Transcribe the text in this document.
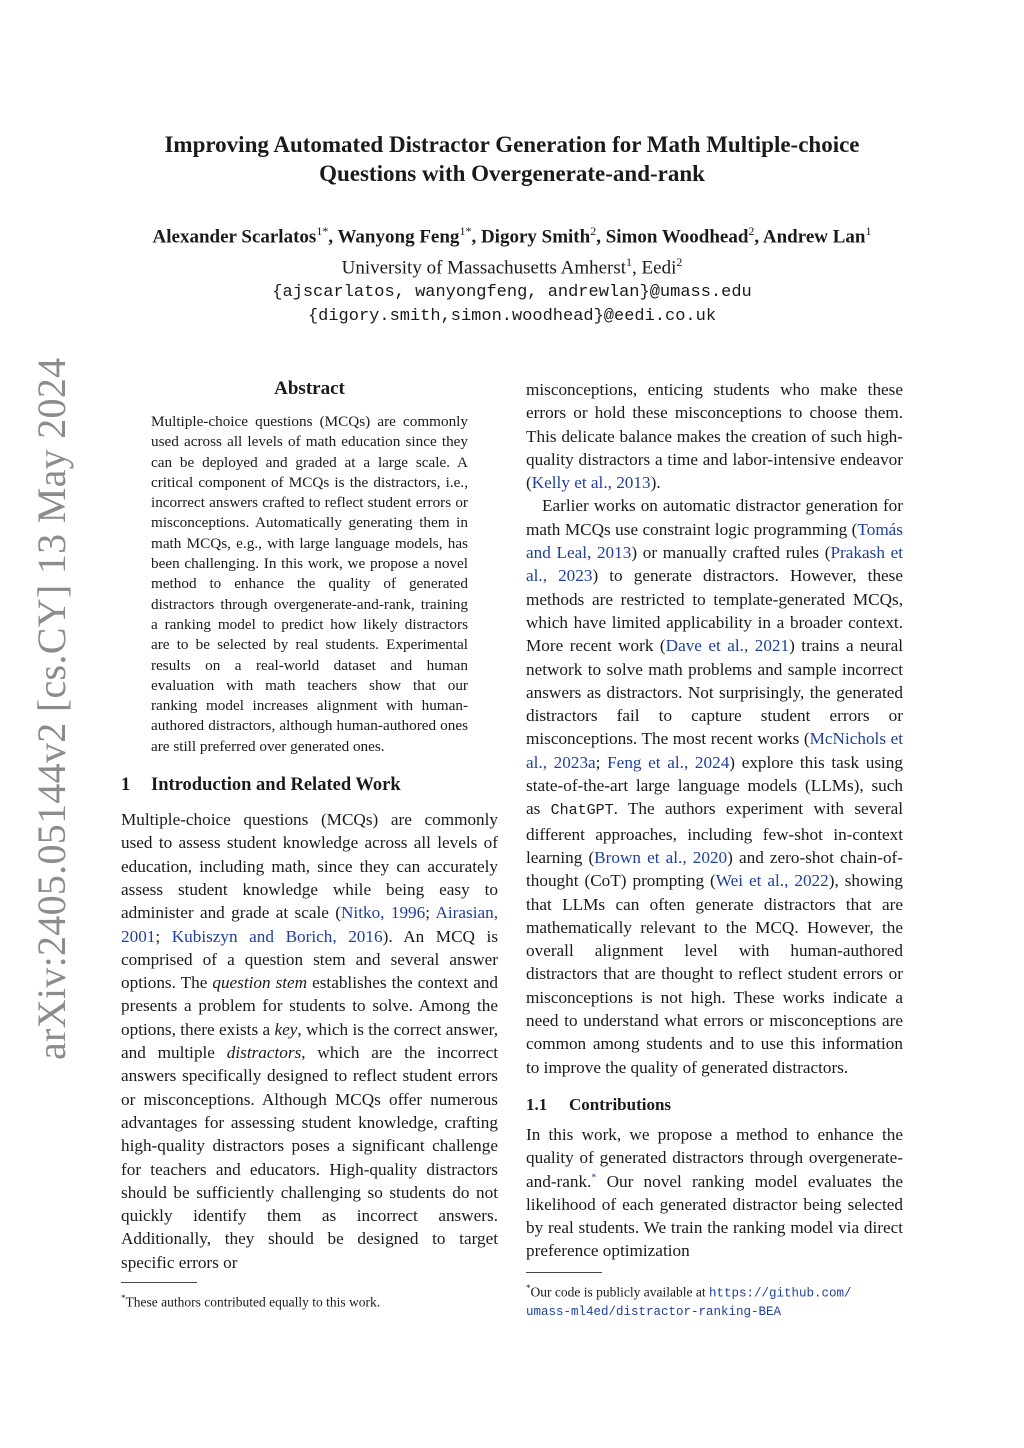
arXiv:2405.05144v2 [cs.CY] 13 May 2024
Improving Automated Distractor Generation for Math Multiple-choice
Questions with Overgenerate-and-rank
Alexander Scarlatos$^{1*}$, Wanyong Feng$^{1*}$, Digory Smith$^2$, Simon Woodhead$^2$, Andrew Lan$^1$
University of Massachusetts Amherst$^1$, Eedi$^2$
{ajscarlatos, wanyongfeng, andrewlan}@umass.edu
{digory.smith,simon.woodhead}@eedi.co.uk
Abstract
Multiple-choice questions (MCQs) are commonly used across all levels of math education since they can be deployed and graded at a large scale. A critical component of MCQs is the distractors, i.e., incorrect answers crafted to reflect student errors or misconceptions. Automatically generating them in math MCQs, e.g., with large language models, has been challenging. In this work, we propose a novel method to enhance the quality of generated distractors through overgenerate-and-rank, training a ranking model to predict how likely distractors are to be selected by real students. Experimental results on a real-world dataset and human evaluation with math teachers show that our ranking model increases alignment with human-authored distractors, although human-authored ones are still preferred over generated ones.
1 Introduction and Related Work

Multiple-choice questions (MCQs) are commonly used to assess student knowledge across all levels of education, including math, since they can accurately assess student knowledge while being easy to administer and grade at scale (Nitko, 1996; Airasian, 2001; Kubiszyn and Borich, 2016). An MCQ is comprised of a question stem and several answer options. The question stem establishes the context and presents a problem for students to solve. Among the options, there exists a key, which is the correct answer, and multiple distractors, which are the incorrect answers specifically designed to reflect student errors or misconceptions. Although MCQs offer numerous advantages for assessing student knowledge, crafting high-quality distractors poses a significant challenge for teachers and educators. High-quality distractors should be sufficiently challenging so students do not quickly identify them as incorrect answers. Additionally, they should be designed to target specific errors or

*These authors contributed equally to this work.

misconceptions, enticing students who make these errors or hold these misconceptions to choose them. This delicate balance makes the creation of such high-quality distractors a time and labor-intensive endeavor (Kelly et al., 2013).

Earlier works on automatic distractor generation for math MCQs use constraint logic programming (Tomás and Leal, 2013) or manually crafted rules (Prakash et al., 2023) to generate distractors. However, these methods are restricted to template-generated MCQs, which have limited applicability in a broader context. More recent work (Dave et al., 2021) trains a neural network to solve math problems and sample incorrect answers as distractors. Not surprisingly, the generated distractors fail to capture student errors or misconceptions. The most recent works (McNichols et al., 2023a; Feng et al., 2024) explore this task using state-of-the-art large language models (LLMs), such as ChatGPT. The authors experiment with several different approaches, including few-shot in-context learning (Brown et al., 2020) and zero-shot chain-of-thought (CoT) prompting (Wei et al., 2022), showing that LLMs can often generate distractors that are mathematically relevant to the MCQ. However, the overall alignment level with human-authored distractors that are thought to reflect student errors or misconceptions is not high. These works indicate a need to understand what errors or misconceptions are common among students and to use this information to improve the quality of generated distractors.

1.1 Contributions

In this work, we propose a method to enhance the quality of generated distractors through overgenerate-and-rank.* Our novel ranking model evaluates the likelihood of each generated distractor being selected by real students. We train the ranking model via direct preference optimization

*Our code is publicly available at https://github.com/
umass-ml4ed/distractor-ranking-BEA
